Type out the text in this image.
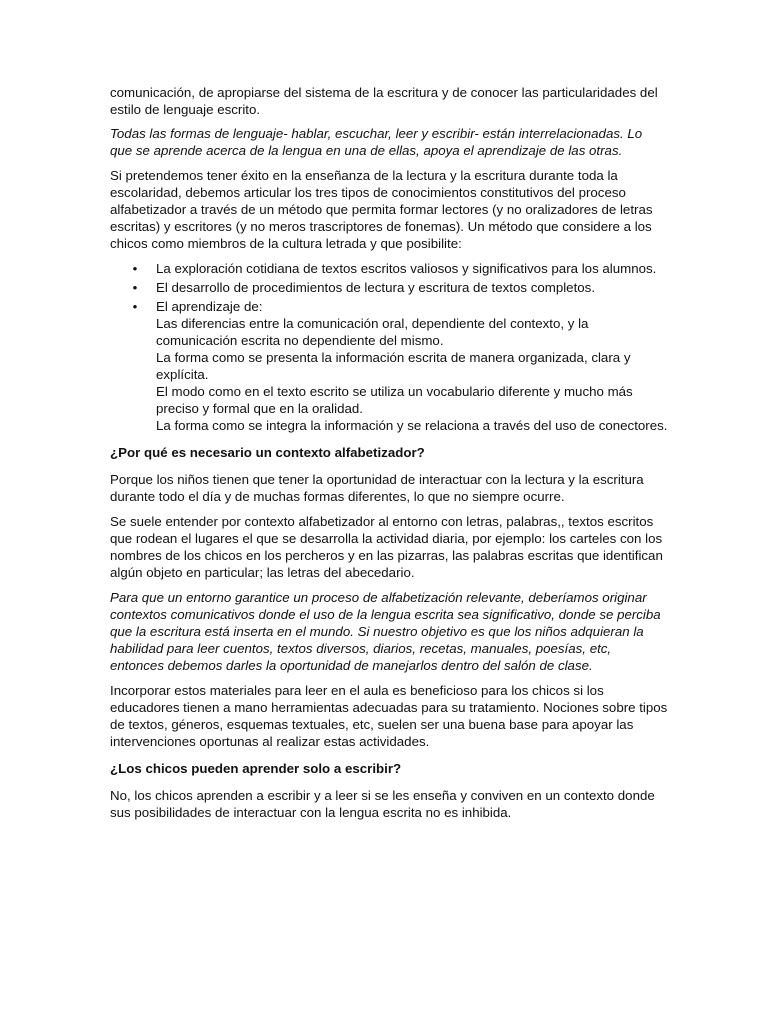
comunicación, de apropiarse del sistema de la escritura y de conocer las particularidades del estilo de lenguaje escrito.

Todas las formas de lenguaje- hablar, escuchar, leer y escribir- están interrelacionadas. Lo que se aprende acerca de la lengua en una de ellas, apoya el aprendizaje de las otras.

Si pretendemos tener éxito en la enseñanza de la lectura y la escritura durante toda la escolaridad, debemos articular los tres tipos de conocimientos constitutivos del proceso alfabetizador a través de un método que permita formar lectores (y no oralizadores de letras escritas) y escritores (y no meros trascriptores de fonemas). Un método que considere a los chicos como miembros de la cultura letrada y que posibilite:

• La exploración cotidiana de textos escritos valiosos y significativos para los alumnos.
• El desarrollo de procedimientos de lectura y escritura de textos completos.
• El aprendizaje de:
Las diferencias entre la comunicación oral, dependiente del contexto, y la comunicación escrita no dependiente del mismo.
La forma como se presenta la información escrita de manera organizada, clara y explícita.
El modo como en el texto escrito se utiliza un vocabulario diferente y mucho más preciso y formal que en la oralidad.
La forma como se integra la información y se relaciona a través del uso de conectores.
¿Por qué es necesario un contexto alfabetizador?

Porque los niños tienen que tener la oportunidad de interactuar con la lectura y la escritura durante todo el día y de muchas formas diferentes, lo que no siempre ocurre.

Se suele entender por contexto alfabetizador al entorno con letras, palabras,, textos escritos que rodean el lugares el que se desarrolla la actividad diaria, por ejemplo: los carteles con los nombres de los chicos en los percheros y en las pizarras, las palabras escritas que identifican algún objeto en particular; las letras del abecedario.

Para que un entorno garantice un proceso de alfabetización relevante, deberíamos originar contextos comunicativos donde el uso de la lengua escrita sea significativo, donde se perciba que la escritura está inserta en el mundo. Si nuestro objetivo es que los niños adquieran la habilidad para leer cuentos, textos diversos, diarios, recetas, manuales, poesías, etc, entonces debemos darles la oportunidad de manejarlos dentro del salón de clase.

Incorporar estos materiales para leer en el aula es beneficioso para los chicos si los educadores tienen a mano herramientas adecuadas para su tratamiento. Nociones sobre tipos de textos, géneros, esquemas textuales, etc, suelen ser una buena base para apoyar las intervenciones oportunas al realizar estas actividades.

¿Los chicos pueden aprender solo a escribir?

No, los chicos aprenden a escribir y a leer si se les enseña y conviven en un contexto donde sus posibilidades de interactuar con la lengua escrita no es inhibida.
